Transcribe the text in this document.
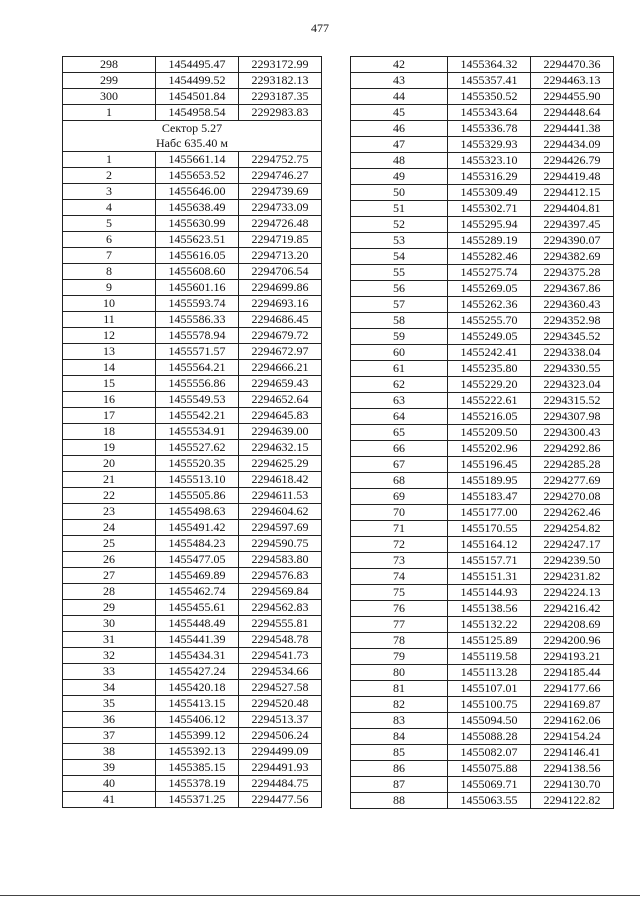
477
298	1454495.47	2293172.99
299	1454499.52	2293182.13
300	1454501.84	2293187.35
1	1454958.54	2292983.83

Сектор 5.27
Набс 635.40 м		

1	1455661.14	2294752.75
2	1455653.52	2294746.27
3	1455646.00	2294739.69
4	1455638.49	2294733.09
5	1455630.99	2294726.48
6	1455623.51	2294719.85
7	1455616.05	2294713.20
8	1455608.60	2294706.54
9	1455601.16	2294699.86
10	1455593.74	2294693.16
11	1455586.33	2294686.45
12	1455578.94	2294679.72
13	1455571.57	2294672.97
14	1455564.21	2294666.21
15	1455556.86	2294659.43
16	1455549.53	2294652.64
17	1455542.21	2294645.83
18	1455534.91	2294639.00
19	1455527.62	2294632.15
20	1455520.35	2294625.29
21	1455513.10	2294618.42
22	1455505.86	2294611.53
23	1455498.63	2294604.62
24	1455491.42	2294597.69
25	1455484.23	2294590.75
26	1455477.05	2294583.80
27	1455469.89	2294576.83
28	1455462.74	2294569.84
29	1455455.61	2294562.83
30	1455448.49	2294555.81
31	1455441.39	2294548.78
32	1455434.31	2294541.73
33	1455427.24	2294534.66
34	1455420.18	2294527.58
35	1455413.15	2294520.48
36	1455406.12	2294513.37
37	1455399.12	2294506.24
38	1455392.13	2294499.09
39	1455385.15	2294491.93
40	1455378.19	2294484.75
41	1455371.25	2294477.56
42	1455364.32	2294470.36
43	1455357.41	2294463.13
44	1455350.52	2294455.90
45	1455343.64	2294448.64
46	1455336.78	2294441.38
47	1455329.93	2294434.09
48	1455323.10	2294426.79
49	1455316.29	2294419.48
50	1455309.49	2294412.15
51	1455302.71	2294404.81
52	1455295.94	2294397.45
53	1455289.19	2294390.07
54	1455282.46	2294382.69
55	1455275.74	2294375.28
56	1455269.05	2294367.86
57	1455262.36	2294360.43
58	1455255.70	2294352.98
59	1455249.05	2294345.52
60	1455242.41	2294338.04
61	1455235.80	2294330.55
62	1455229.20	2294323.04
63	1455222.61	2294315.52
64	1455216.05	2294307.98
65	1455209.50	2294300.43
66	1455202.96	2294292.86
67	1455196.45	2294285.28
68	1455189.95	2294277.69
69	1455183.47	2294270.08
70	1455177.00	2294262.46
71	1455170.55	2294254.82
72	1455164.12	2294247.17
73	1455157.71	2294239.50
74	1455151.31	2294231.82
75	1455144.93	2294224.13
76	1455138.56	2294216.42
77	1455132.22	2294208.69
78	1455125.89	2294200.96
79	1455119.58	2294193.21
80	1455113.28	2294185.44
81	1455107.01	2294177.66
82	1455100.75	2294169.87
83	1455094.50	2294162.06
84	1455088.28	2294154.24
85	1455082.07	2294146.41
86	1455075.88	2294138.56
87	1455069.71	2294130.70
88	1455063.55	2294122.82
